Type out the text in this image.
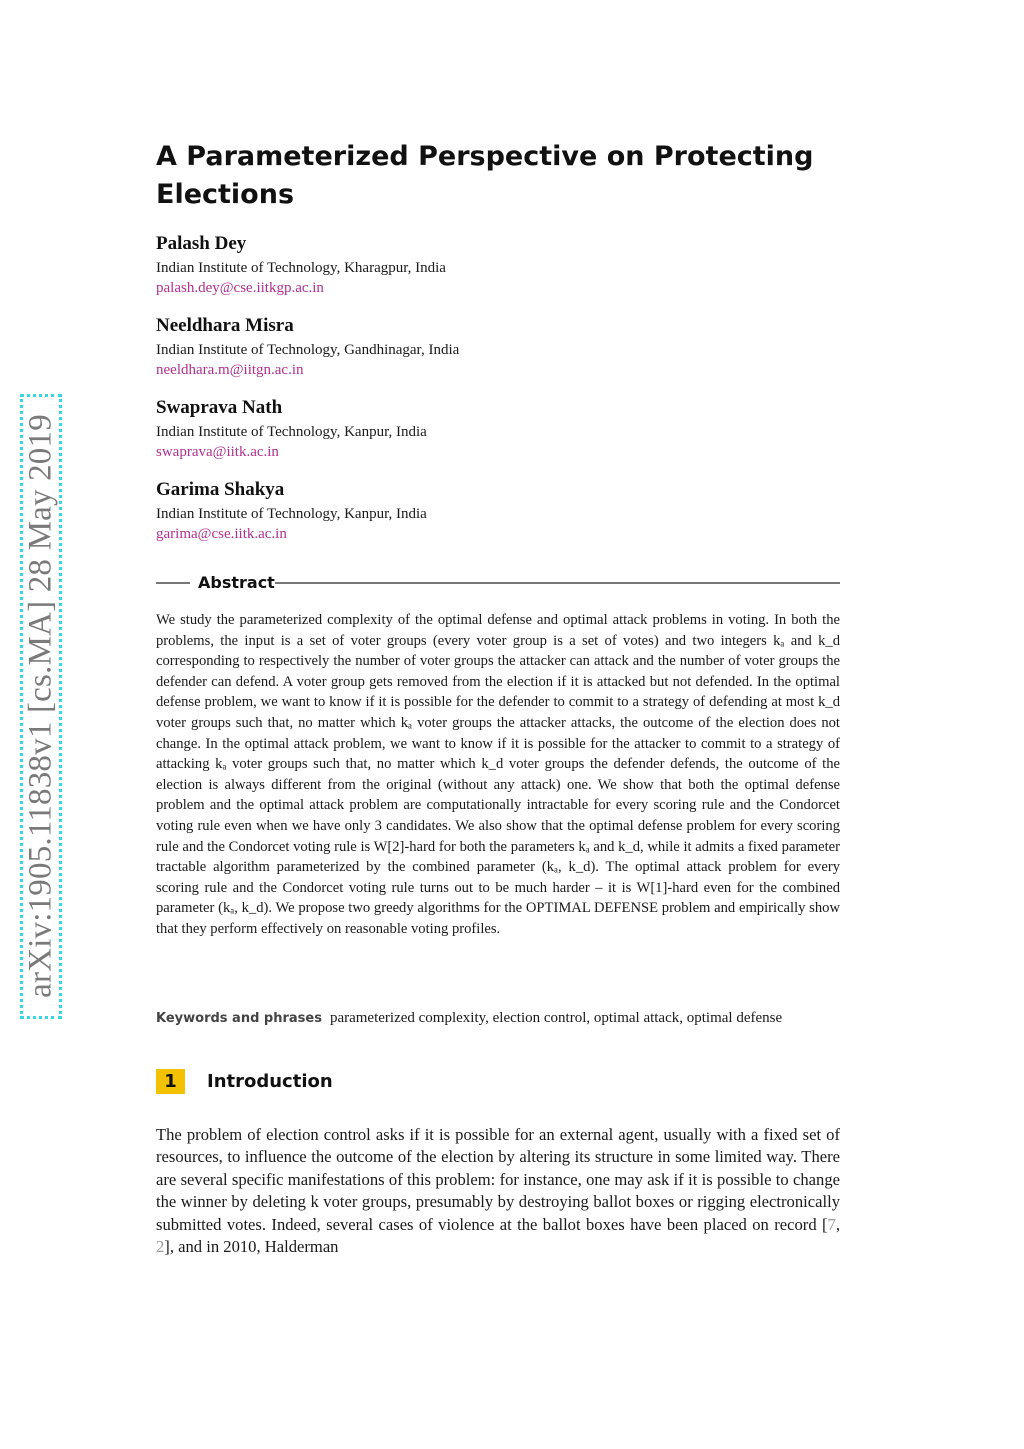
arXiv:1905.11838v1 [cs.MA] 28 May 2019
A Parameterized Perspective on Protecting Elections
Palash Dey
Indian Institute of Technology, Kharagpur, India
palash.dey@cse.iitkgp.ac.in
Neeldhara Misra
Indian Institute of Technology, Gandhinagar, India
neeldhara.m@iitgn.ac.in
Swaprava Nath
Indian Institute of Technology, Kanpur, India
swaprava@iitk.ac.in
Garima Shakya
Indian Institute of Technology, Kanpur, India
garima@cse.iitk.ac.in
Abstract
We study the parameterized complexity of the optimal defense and optimal attack problems in voting. In both the problems, the input is a set of voter groups (every voter group is a set of votes) and two integers kₐ and k_d corresponding to respectively the number of voter groups the attacker can attack and the number of voter groups the defender can defend. A voter group gets removed from the election if it is attacked but not defended. In the optimal defense problem, we want to know if it is possible for the defender to commit to a strategy of defending at most k_d voter groups such that, no matter which kₐ voter groups the attacker attacks, the outcome of the election does not change. In the optimal attack problem, we want to know if it is possible for the attacker to commit to a strategy of attacking kₐ voter groups such that, no matter which k_d voter groups the defender defends, the outcome of the election is always different from the original (without any attack) one. We show that both the optimal defense problem and the optimal attack problem are computationally intractable for every scoring rule and the Condorcet voting rule even when we have only 3 candidates. We also show that the optimal defense problem for every scoring rule and the Condorcet voting rule is W[2]-hard for both the parameters kₐ and k_d, while it admits a fixed parameter tractable algorithm parameterized by the combined parameter (kₐ, k_d). The optimal attack problem for every scoring rule and the Condorcet voting rule turns out to be much harder – it is W[1]-hard even for the combined parameter (kₐ, k_d). We propose two greedy algorithms for the OPTIMAL DEFENSE problem and empirically show that they perform effectively on reasonable voting profiles.
Keywords and phrases parameterized complexity, election control, optimal attack, optimal defense
1	Introduction
The problem of election control asks if it is possible for an external agent, usually with a fixed set of resources, to influence the outcome of the election by altering its structure in some limited way. There are several specific manifestations of this problem: for instance, one may ask if it is possible to change the winner by deleting k voter groups, presumably by destroying ballot boxes or rigging electronically submitted votes. Indeed, several cases of violence at the ballot boxes have been placed on record [7, 2], and in 2010, Halderman
